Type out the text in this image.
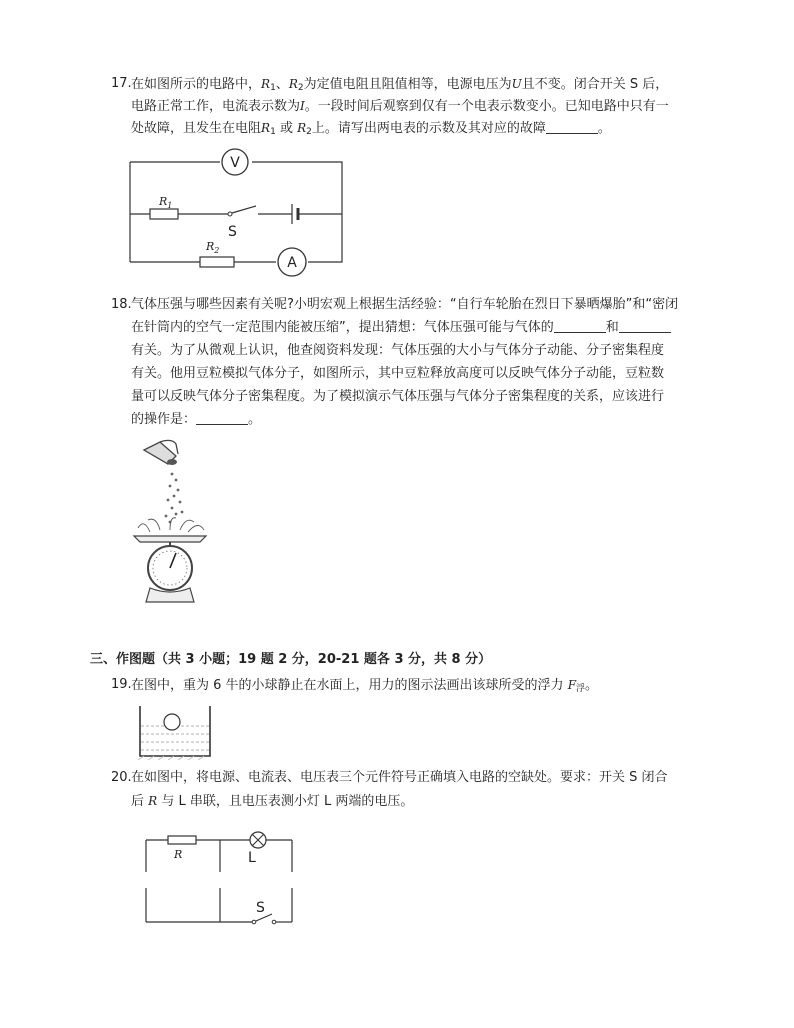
17. 在如图所示的电路中，$R_1$、$R_2$为定值电阻且阻值相等，电源电压为U且不变。闭合开关 S 后，
电路正常工作，电流表示数为I。一段时间后观察到仅有一个电表示数变小。已知电路中只有一
处故障，且发生在电阻$R_1$ 或 $R_2$上。请写出两电表的示数及其对应的故障	。
V
$R_1$
S
$R_2$
A
18. 气体压强与哪些因素有关呢?小明宏观上根据生活经验：“自行车轮胎在烈日下暴晒爆胎”和“密闭
在针筒内的空气一定范围内能被压缩”，提出猜想：气体压强可能与气体的	和
有关。为了从微观上认识，他查阅资料发现：气体压强的大小与气体分子动能、分子密集程度
有关。他用豆粒模拟气体分子，如图所示，其中豆粒释放高度可以反映气体分子动能，豆粒数
量可以反映气体分子密集程度。为了模拟演示气体压强与气体分子密集程度的关系，应该进行
的操作是：	。
三、作图题（共 3 小题；19 题 2 分，20-21 题各 3 分，共 8 分）
19. 在图中，重为 6 牛的小球静止在水面上，用力的图示法画出该球所受的浮力 $F_浮$。
20. 在如图中，将电源、电流表、电压表三个元件符号正确填入电路的空缺处。要求：开关 S 闭合
后 R 与 L 串联，且电压表测小灯 L 两端的电压。
R	L
S
